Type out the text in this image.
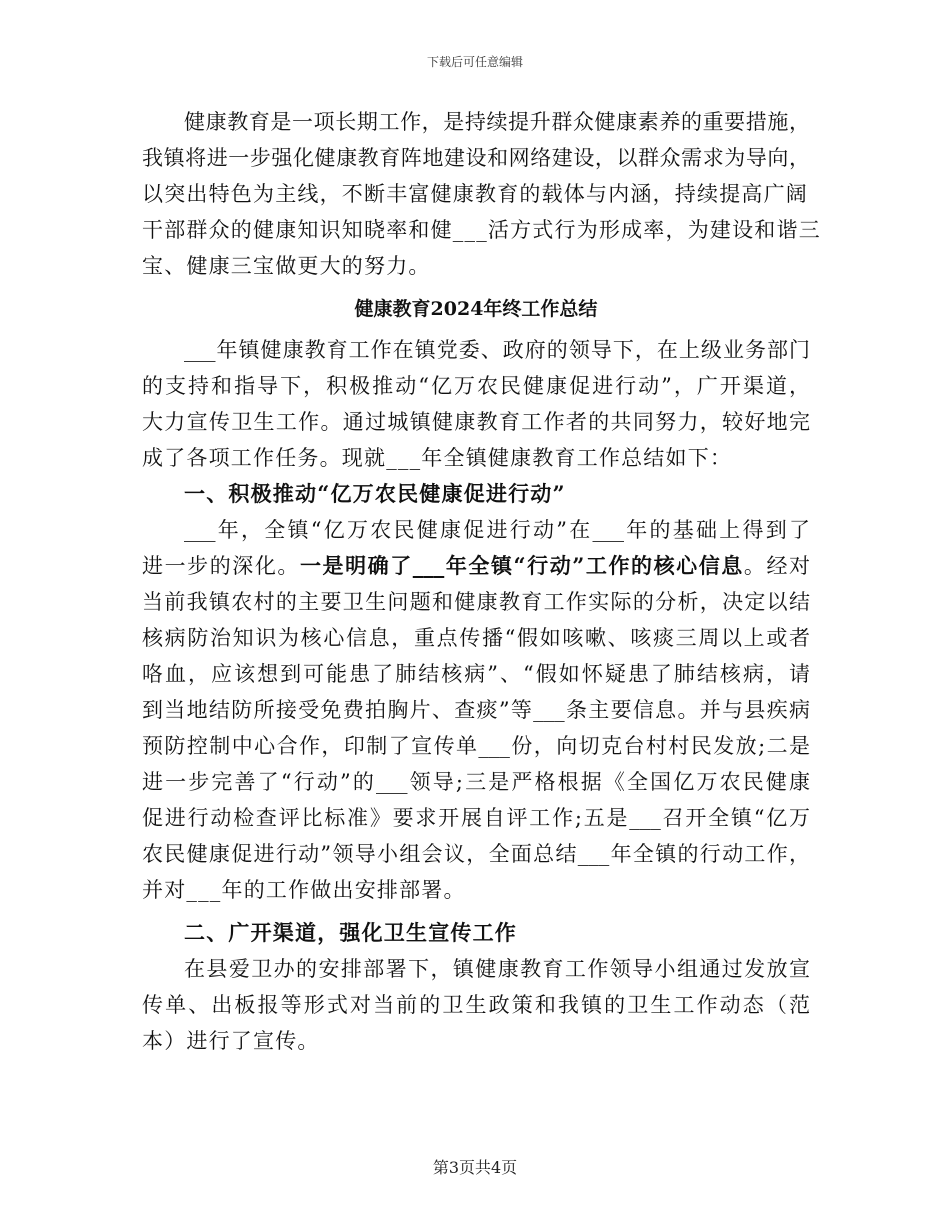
下载后可任意编辑
健康教育是一项长期工作，是持续提升群众健康素养的重要措施，
我镇将进一步强化健康教育阵地建设和网络建设，以群众需求为导向，
以突出特色为主线，不断丰富健康教育的载体与内涵，持续提高广阔
干部群众的健康知识知晓率和健___活方式行为形成率，为建设和谐三
宝、健康三宝做更大的努力。
健康教育2024年终工作总结
___年镇健康教育工作在镇党委、政府的领导下，在上级业务部门
的支持和指导下，积极推动“亿万农民健康促进行动”，广开渠道，
大力宣传卫生工作。通过城镇健康教育工作者的共同努力，较好地完
成了各项工作任务。现就___年全镇健康教育工作总结如下：
一、积极推动“亿万农民健康促进行动”
___年，全镇“亿万农民健康促进行动”在___年的基础上得到了
进一步的深化。一是明确了___年全镇“行动”工作的核心信息。经对
当前我镇农村的主要卫生问题和健康教育工作实际的分析，决定以结
核病防治知识为核心信息，重点传播“假如咳嗽、咳痰三周以上或者
咯血，应该想到可能患了肺结核病”、“假如怀疑患了肺结核病，请
到当地结防所接受免费拍胸片、查痰”等___条主要信息。并与县疾病
预防控制中心合作，印制了宣传单___份，向切克台村村民发放;二是
进一步完善了“行动”的___领导;三是严格根据《全国亿万农民健康
促进行动检查评比标准》要求开展自评工作;五是___召开全镇“亿万
农民健康促进行动”领导小组会议，全面总结___年全镇的行动工作，
并对___年的工作做出安排部署。
二、广开渠道，强化卫生宣传工作
在县爱卫办的安排部署下，镇健康教育工作领导小组通过发放宣
传单、出板报等形式对当前的卫生政策和我镇的卫生工作动态（范
本）进行了宣传。
第3页共4页
